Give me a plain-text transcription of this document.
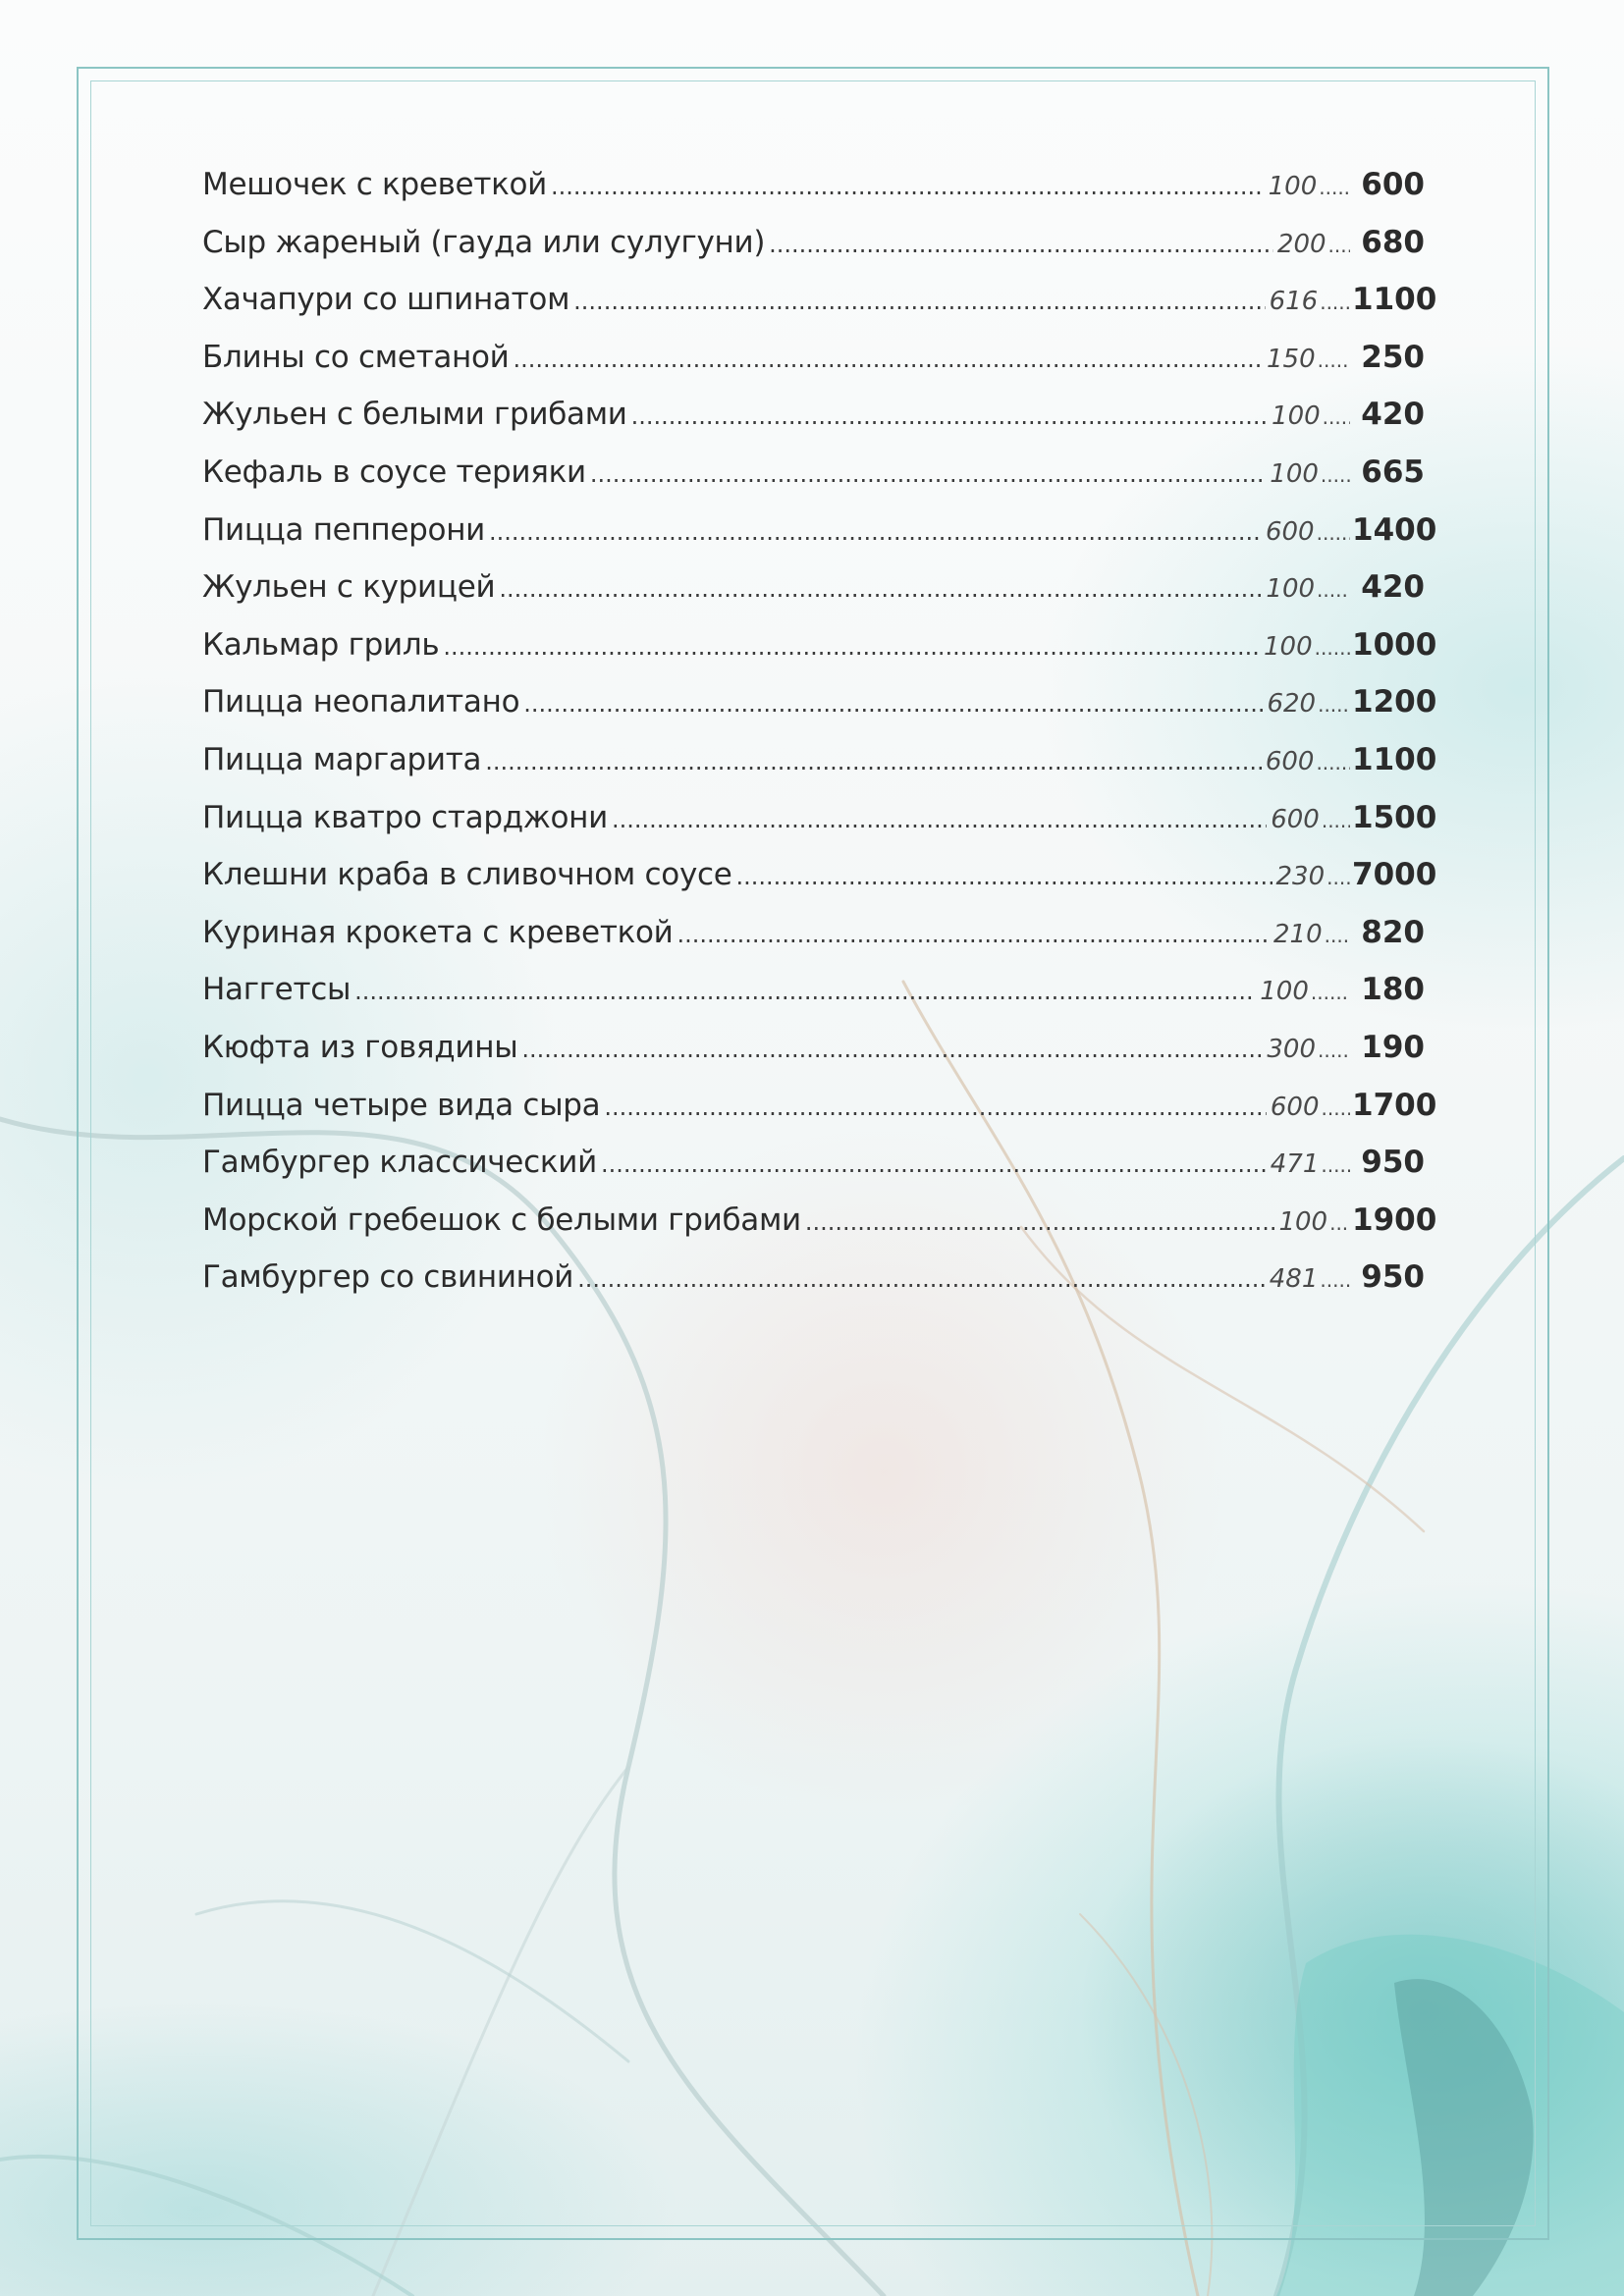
Мешочек с креветкой .....	100 ..... 600
Сыр жареный (гауда или сулугуни) .....	200 ..... 680
Хачапури со шпинатом .....	616 ..... 1100
Блины со сметаной .....	150 ..... 250
Жульен с белыми грибами .....	100 ..... 420
Кефаль в соусе терияки .....	100 ..... 665
Пицца пепперони .....	600 ..... 1400
Жульен с курицей .....	100 ..... 420
Кальмар гриль .....	100 ..... 1000
Пицца неопалитано .....	620 ..... 1200
Пицца маргарита .....	600 ..... 1100
Пицца кватро старджони .....	600 ..... 1500
Клешни краба в сливочном соусе .....	230 ..... 7000
Куриная крокета с креветкой .....	210 ..... 820
Наггетсы .....	100 ..... 180
Кюфта из говядины .....	300 ..... 190
Пицца четыре вида сыра .....	600 ..... 1700
Гамбургер классический .....	471 ..... 950
Морской гребешок с белыми грибами .....	100 ..... 1900
Гамбургер со свининой .....	481 ..... 950
